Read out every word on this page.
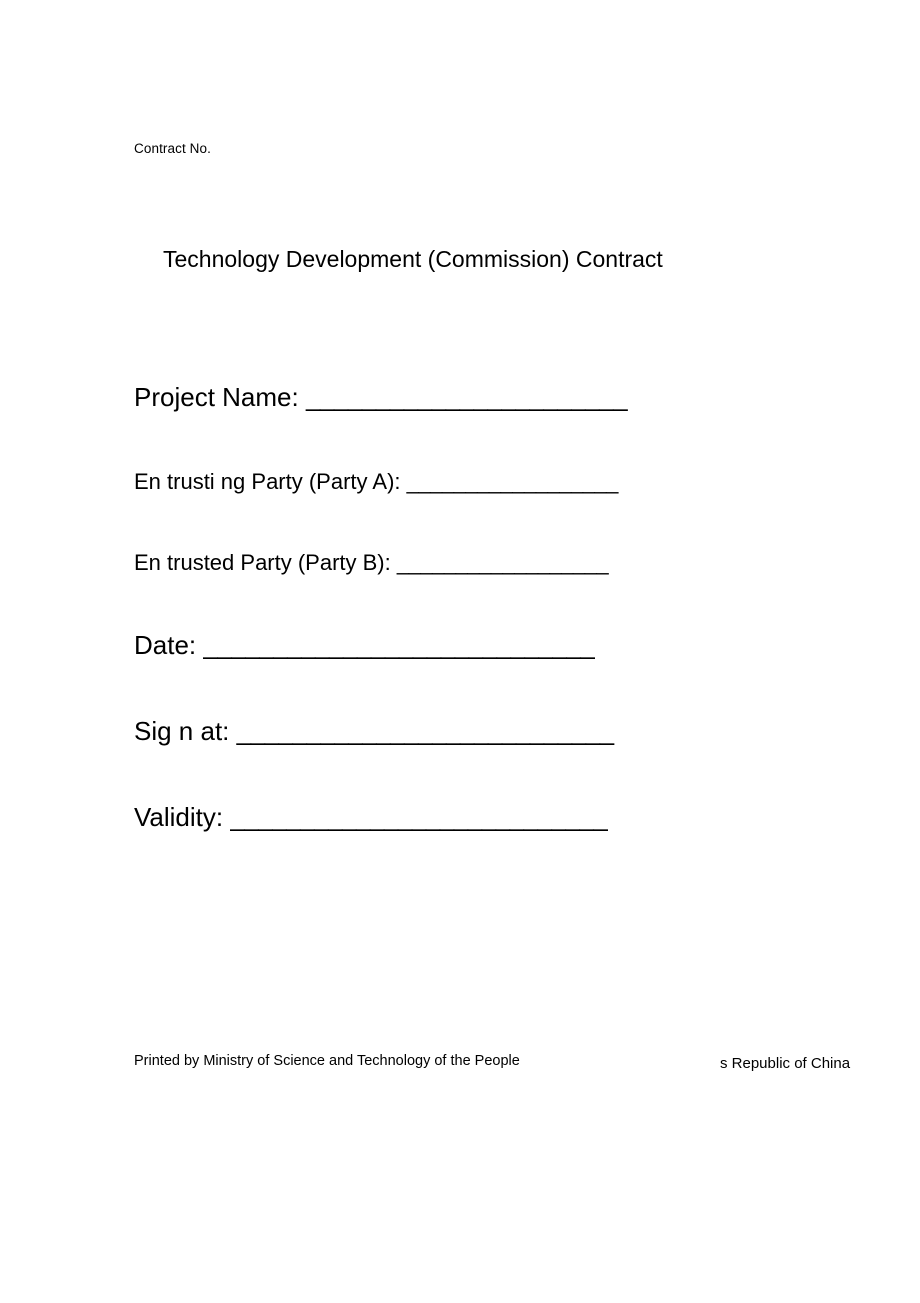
Contract No.
Technology Development (Commission) Contract
Project Name: _______________________
En trusti ng Party (Party A): __________________
En trusted Party (Party B): __________________
Date: ____________________________
Sig n at: ___________________________
Validity: ___________________________
Printed by Ministry of Science and Technology of the People	s Republic of China
